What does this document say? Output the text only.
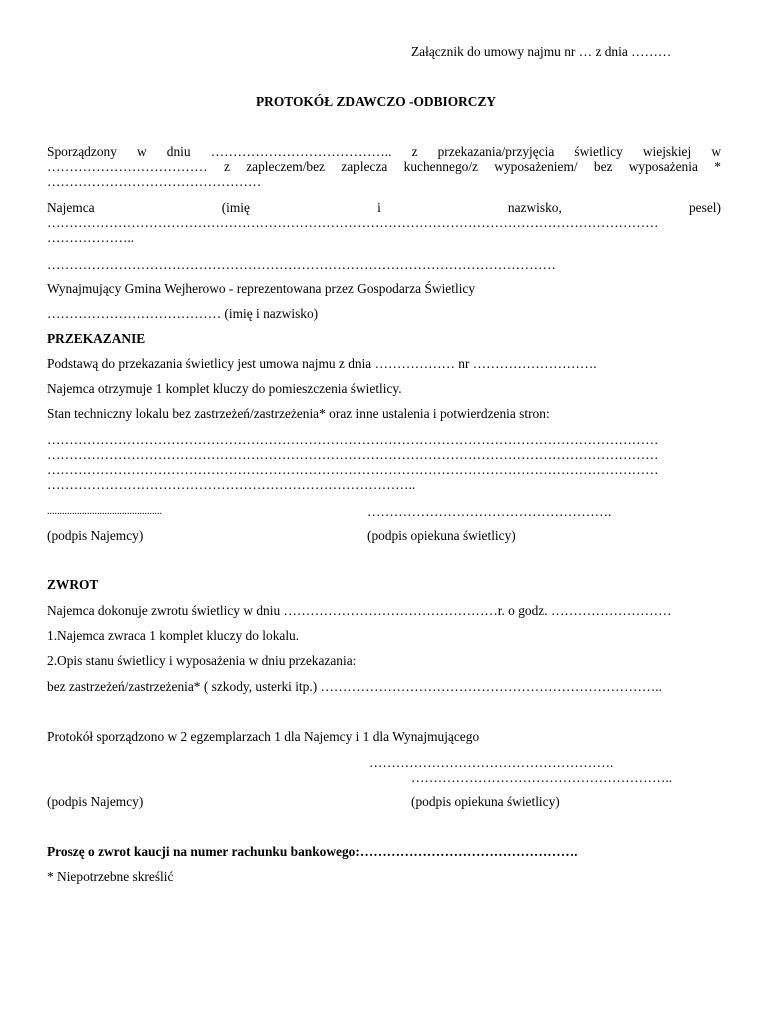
Załącznik do umowy najmu nr … z dnia ………
PROTOKÓŁ ZDAWCZO -ODBIORCZY
Sporządzony w dniu ………………………………….. z przekazania/przyjęcia świetlicy wiejskiej w
……………………………… z zapleczem/bez zaplecza kuchennego/z wyposażeniem/ bez wyposażenia *
…………………………………………
Najemca	(imię	i	nazwisko,	pesel)
…………………………………………………………………………………………………………………………
………………..
……………………………………………………………………………………………………
Wynajmujący Gmina Wejherowo - reprezentowana przez Gospodarza Świetlicy
………………………………… (imię i nazwisko)
PRZEKAZANIE
Podstawą do przekazania świetlicy jest umowa najmu z dnia ……………… nr ……………………….
Najemca otrzymuje 1 komplet kluczy do pomieszczenia świetlicy.
Stan techniczny lokalu bez zastrzeżeń/zastrzeżenia* oraz inne ustalenia i potwierdzenia stron:
…………………………………………………………………………………………………………………………
…………………………………………………………………………………………………………………………
…………………………………………………………………………………………………………………………
………………………………………………………………………..
..............................................	……………………………………………….
(podpis Najemcy)	(podpis opiekuna świetlicy)
ZWROT
Najemca dokonuje zwrotu świetlicy w dniu …………………………………………r. o godz. ………………………
1.Najemca zwraca 1 komplet kluczy do lokalu.
2.Opis stanu świetlicy i wyposażenia w dniu przekazania:
bez zastrzeżeń/zastrzeżenia* ( szkody, usterki itp.) …………………………………………………………………..
Protokół sporządzono w 2 egzemplarzach 1 dla Najemcy i 1 dla Wynajmującego
……………………………………………….
…………………………………………………..
(podpis Najemcy)	(podpis opiekuna świetlicy)
Proszę o zwrot kaucji na numer rachunku bankowego:………………………………………….
* Niepotrzebne skreślić
